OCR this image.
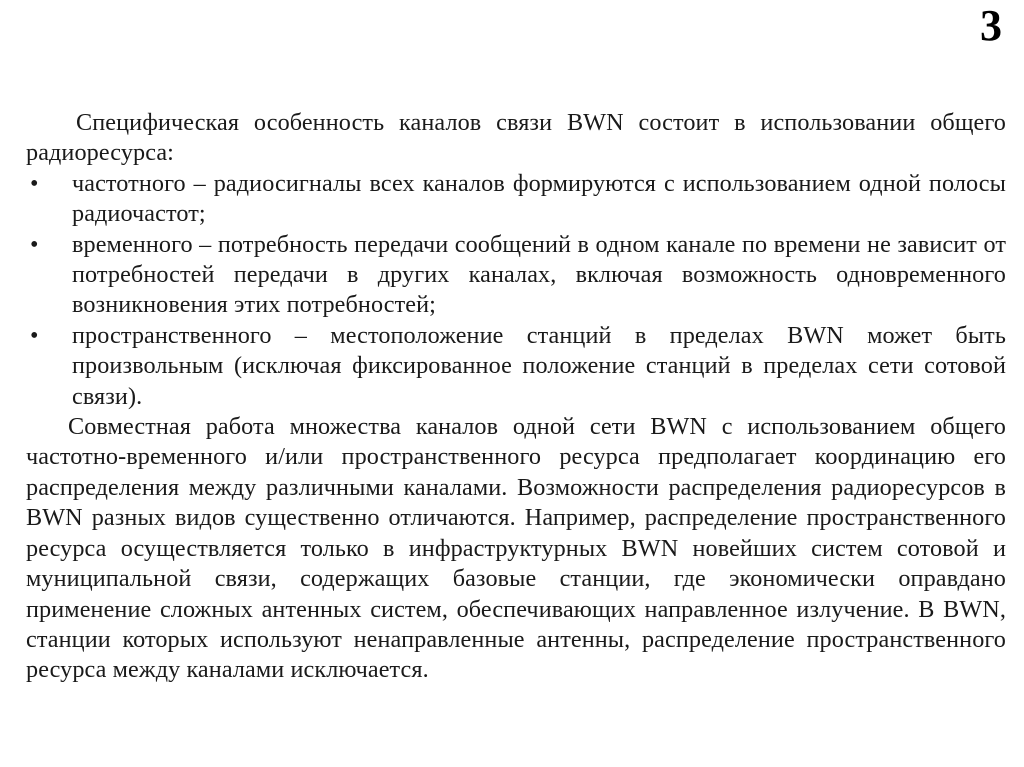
3

Специфическая особенность каналов связи BWN состоит в использовании общего радиоресурса:

•	частотного – радиосигналы всех каналов формируются с использованием одной полосы радиочастот;
•	временного – потребность передачи сообщений в одном канале по времени не зависит от потребностей передачи в других каналах, включая возможность одновременного возникновения этих потребностей;
•	пространственного – местоположение станций в пределах BWN может быть произвольным (исключая фиксированное положение станций в пределах сети сотовой связи).

Совместная работа множества каналов одной сети BWN с использованием общего частотно-временного и/или пространственного ресурса предполагает координацию его распределения между различными каналами. Возможности распределения радиоресурсов в BWN разных видов существенно отличаются. Например, распределение пространственного ресурса осуществляется только в инфраструктурных BWN новейших систем сотовой и муниципальной связи, содержащих базовые станции, где экономически оправдано применение сложных антенных систем, обеспечивающих направленное излучение. В BWN, станции которых используют ненаправленные антенны, распределение пространственного ресурса между каналами исключается.
